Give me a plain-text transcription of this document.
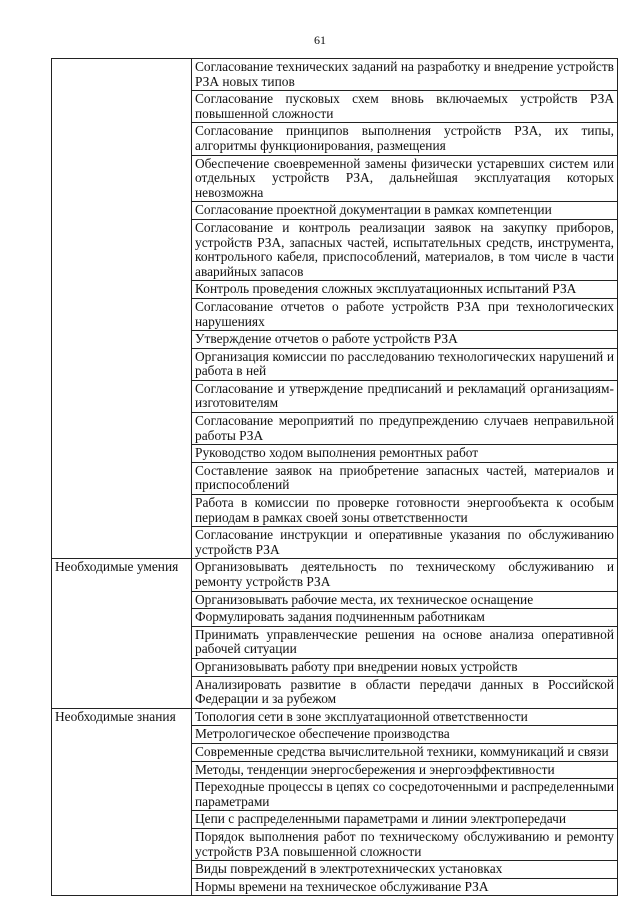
61
	Согласование технических заданий на разработку и внедрение устройств РЗА новых типов
	Согласование пусковых схем вновь включаемых устройств РЗА повышенной сложности
	Согласование принципов выполнения устройств РЗА, их типы, алгоритмы функционирования, размещения
	Обеспечение своевременной замены физически устаревших систем или отдельных устройств РЗА, дальнейшая эксплуатация которых невозможна
	Согласование проектной документации в рамках компетенции
	Согласование и контроль реализации заявок на закупку приборов, устройств РЗА, запасных частей, испытательных средств, инструмента, контрольного кабеля, приспособлений, материалов, в том числе в части аварийных запасов
	Контроль проведения сложных эксплуатационных испытаний РЗА
	Согласование отчетов о работе устройств РЗА при технологических нарушениях
	Утверждение отчетов о работе устройств РЗА
	Организация комиссии по расследованию технологических нарушений и работа в ней
	Согласование и утверждение предписаний и рекламаций организациям-изготовителям
	Согласование мероприятий по предупреждению случаев неправильной работы РЗА
	Руководство ходом выполнения ремонтных работ
	Составление заявок на приобретение запасных частей, материалов и приспособлений
	Работа в комиссии по проверке готовности энергообъекта к особым периодам в рамках своей зоны ответственности
	Согласование инструкции и оперативные указания по обслуживанию устройств РЗА
Необходимые умения	Организовывать деятельность по техническому обслуживанию и ремонту устройств РЗА
	Организовывать рабочие места, их техническое оснащение
	Формулировать задания подчиненным работникам
	Принимать управленческие решения на основе анализа оперативной рабочей ситуации
	Организовывать работу при внедрении новых устройств
	Анализировать развитие в области передачи данных в Российской Федерации и за рубежом
Необходимые знания	Топология сети в зоне эксплуатационной ответственности
	Метрологическое обеспечение производства
	Современные средства вычислительной техники, коммуникаций и связи
	Методы, тенденции энергосбережения и энергоэффективности
	Переходные процессы в цепях со сосредоточенными и распределенными параметрами
	Цепи с распределенными параметрами и линии электропередачи
	Порядок выполнения работ по техническому обслуживанию и ремонту устройств РЗА повышенной сложности
	Виды повреждений в электротехнических установках
	Нормы времени на техническое обслуживание РЗА
